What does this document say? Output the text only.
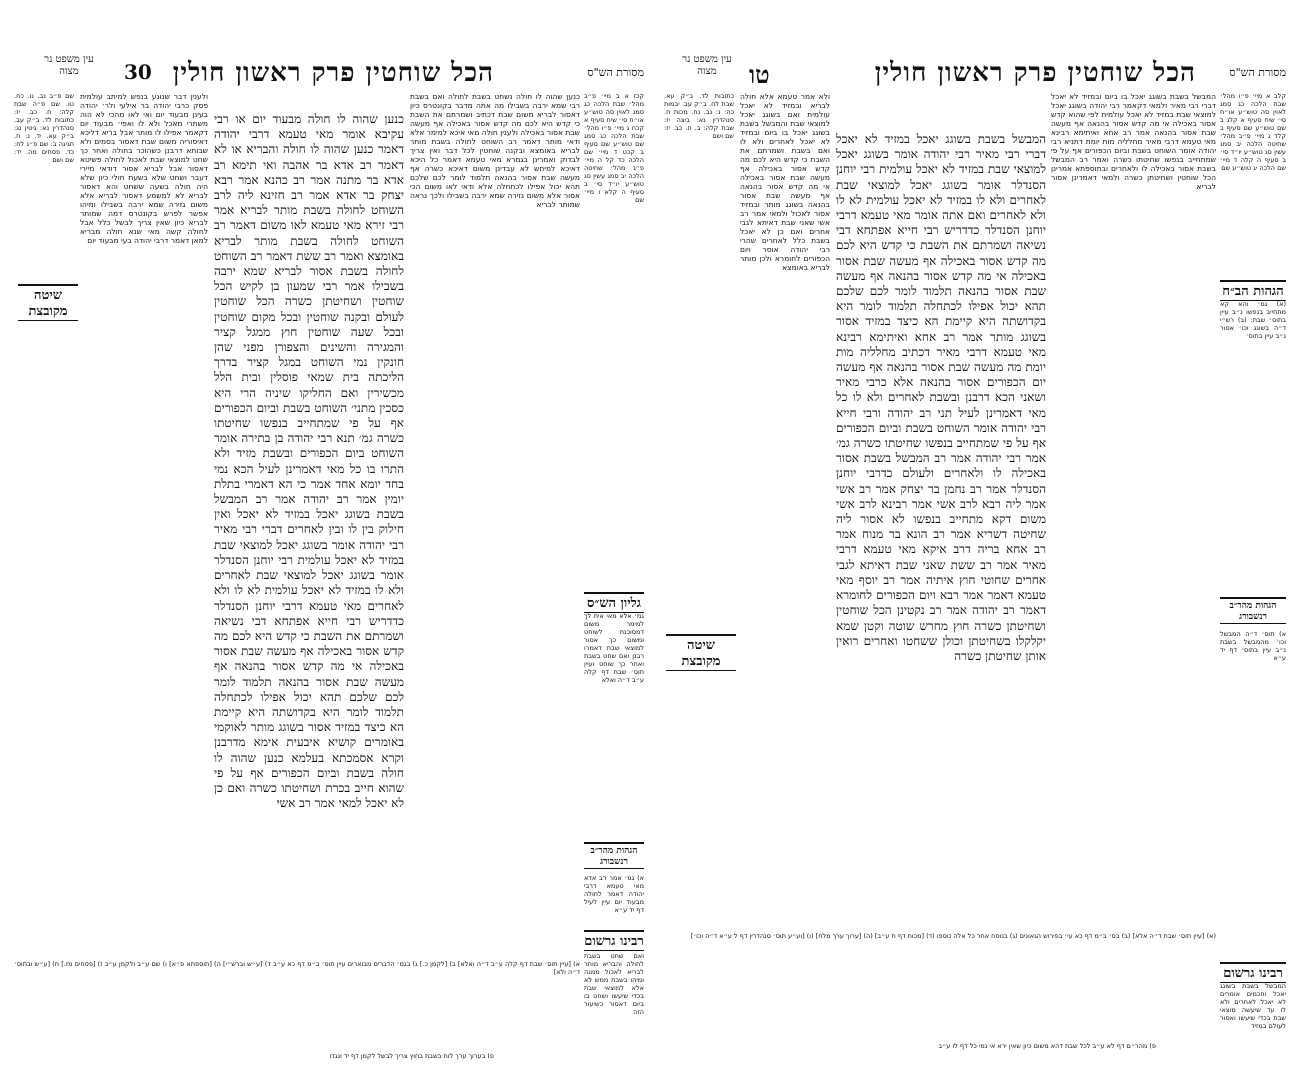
מסורת הש"ס
הכל שוחטין פרק ראשון חולין
30
עין משפט נר מצוה
קכז א ב מיי׳ פ״ב מהל׳ שבת הלכה כג סמג לאוין סה טוש״ע או״ח סי׳ שיח סעיף א קכח ג מיי׳ פ״ו מהל׳ שבת הלכה כג סמג שם טוש״ע שם סעיף ב קכט ד מיי׳ שם הלכה כד קל ה מיי׳ פ״ג מהל׳ שחיטה הלכה יב סמג עשין סג טוש״ע יו״ד סי׳ ב סעיף ה קלא ו מיי׳ שם
כנען שהוה לו חולה נשחט בשבת לחולה ואם בשבת רבי שמא ירבה בשבילו מה אתה מדבר בקונטרס כיון דאסור לבריא משום שבת דכתיב ושמרתם את השבת כי קדש היא לכם מה קדש אסור באכילה אף מעשה שבת אסור באכילה ולענין חולה מאי איכא למימר אלא ודאי מותר דאמר רב השוחט לחולה בשבת מותר לבריא באומצא ובקנה שוחטין לכל דבר ואין צריך לבדוק ואמרינן בגמרא מאי טעמא דאמר כל היכא דאיכא למיחש לא עבדינן משום דאיכא כשרה אף מעשה שבת אסור בהנאה תלמוד לומר לכם שלכם תהא יכול אפילו לכתחלה אלא ודאי לאו משום הכי אסור אלא משום גזירה שמא ירבה בשבילו ולכך נראה שמותר לבריא
כנען שהוה לו חולה מבעוד יום או רבי עקיבא אומר מאי טעמא דרבי יהודה דאמר כנען שהוה לו חולה והבריא או לא דאמר רב אדא בר אהבה ואי תימא רב אדא בר מתנה אמר רב כהנא אמר רבא יצחק בר אדא אמר רב חזינא ליה לרב השוחט לחולה בשבת מותר לבריא אמר רבי זירא מאי טעמא לאו משום דאמר רב השוחט לחולה בשבת מותר לבריא באומצא ואמר רב ששת דאמר רב השוחט לחולה בשבת אסור לבריא שמא ירבה בשבילו אמר רבי שמעון בן לקיש הכל שוחטין ושחיטתן כשרה הכל שוחטין לעולם ובקנה שוחטין ובכל מקום שוחטין ובכל שעה שוחטין חוץ ממגל קציר והמגירה והשינים והצפורן מפני שהן חונקין נמי השוחט במגל קציר בדרך הליכתה בית שמאי פוסלין ובית הלל מכשירין ואם החליקו שיניה הרי היא כסכין מתני׳ השוחט בשבת וביום הכפורים אף על פי שמתחייב בנפשו שחיטתו כשרה גמ׳ תנא רבי יהודה בן בתירה אומר השוחט ביום הכפורים ובשבת מזיד ולא התרו בו כל מאי דאמרינן לעיל הכא נמי בחד יומא אחד אמר כי הא דאמרי בתלת יומין אמר רב יהודה אמר רב המבשל בשבת בשוגג יאכל במזיד לא יאכל ואין חילוק בין לו ובין לאחרים דברי רבי מאיר רבי יהודה אומר בשוגג יאכל למוצאי שבת במזיד לא יאכל עולמית רבי יוחנן הסנדלר אומר בשוגג יאכל למוצאי שבת לאחרים ולא לו במזיד לא יאכל עולמית לא לו ולא לאחרים מאי טעמא דרבי יוחנן הסנדלר כדדריש רבי חייא אפתחא דבי נשיאה ושמרתם את השבת כי קדש היא לכם מה קדש אסור באכילה אף מעשה שבת אסור באכילה אי מה קדש אסור בהנאה אף מעשה שבת אסור בהנאה תלמוד לומר לכם שלכם תהא יכול אפילו לכתחלה תלמוד לומר היא בקדושתה היא קיימת הא כיצד במזיד אסור בשוגג מותר לאוקמי באומרים קושיא איבעית אימא מדרבנן וקרא אסמכתא בעלמא כנען שהוה לו חולה בשבת וביום הכפורים אף על פי שהוא חייב בכרת ושחיטתו כשרה ואם כן לא יאכל למאי אמר רב אשי
ולענין דבר שנוגע בנפש למיתב עולמית פסק כרבי יהודה בר אילעי ולר׳ יהודה בעינן מבעוד יום ואי לאו מהכי לא הוה משתרי מאכל ולא לו ואפי׳ מבעוד יום דקאמר אפילו לו מותר אבל בריא דליכא דאיסוריה משום שבת דאסור בסמים ולא שבותא דרבנן כשהוכר בחולה ואחר כך שחט למוצאי שבת לאכול לחולה פשיטא דאסור אבל לבריא אסור דודאי מיירי דעבר ושחט שלא בשעת חולי כיון שלא היה חולה בשעה ששחט והא דאסור לבריא לא למשמע דאסור לבריא אלא משום גזירה שמא ירבה בשבילו ומיהו אפשר לפרש בקונטרס דמה שמותר לבריא כיון שאין צריך לבשל כלל אבל לחולה קשה מאי שנא חולה מבריא למאן דאמר דרבי יהודה בעי מבעוד יום
שם פ״ב נב. נו. כח. טו. שם פ״ה שבת קלה: ח. כב. יז: כתובות לד. ב״ק עב. סנהדרין נא: גיטין נג: ב״ק עא. יד. נ: ח. חגיגה ב: שם פ״ג לח: כד. פסחים מה. יד: שם ושם
שיטה מקובצת
גליון הש״ס
גמ׳ אלא מאי אית לך למימר משום דמסוכנת לשוחט ומשום כך אסור למוצאי שבת דאמרו רבנן ואם שחט בשבת ואחר כך שוחט ועיין תוס׳ שבת דף קלה ע״ב ד״ה ואלא
הגהות מהר״ב רנשבורג
א) גמ׳ אמר רב אדא מאי טעמא דרבי יהודה דאמר לחולה מבעוד יום עיין לעיל דף יד ע״א
רבינו גרשום
ואם שחט בשבת לחולה והבריא מותר לבריא לאכול ממנה ומיהו בשבת ממש לא אלא למוצאי שבת בכדי שיעשו ושחט בו ביום דאסור כשיעור הזה
א) [עיין תוס׳ שבת דף קלה ע״ב ד״ה ואלא] ב) [לקמן כ.] ג) בגמ׳ הדברים מבוארים עיין תוס׳ ב״מ דף כא ע״ב ד) [ע״ש וברש״י] ה) [תוספתא פ״א] ו) שם ע״ב ולקמן ע״ב ז) [פסחים מז.] ח) [ע״ש ובתוס׳ ד״ה ולא]
פ) בערוך ערך לוח בשבת בחוץ צריך לבשל לקמן דף יד ונגדו
מסורת הש"ס
הכל שוחטין פרק ראשון חולין
טו
עין משפט נר מצוה
קלב א מיי׳ פ״ו מהל׳ שבת הלכה כג סמג לאוין סה טוש״ע או״ח סי׳ שיח סעיף א קלג ב שם טוש״ע שם סעיף ב קלד ג מיי׳ פ״ב מהל׳ שחיטה הלכה יב סמג עשין סג טוש״ע יו״ד סי׳ ב סעיף ה קלה ד מיי׳ שם הלכה יג טוש״ע שם
הגהות הב״ח
(א) גמ׳ והא קא מתחייב בנפשו נ״ב עיין בתוס׳ שבת: (ב) רש״י ד״ה בשוגג וכו׳ אסור נ״ב עיין בתוס׳
הגהות מהר״ב רנשבורג
א) תוס׳ ד״ה המבשל וכו׳ מהמבשל בשבת נ״ב עיין בתוס׳ דף יד ע״א
רבינו גרשום
המבשל בשבת בשוגג יאכל וחכמים אומרים לא יאכל לאחרים ולא לו עד שיעשה מוצאי שבת בכדי שיעשו ואסור לעולם במזיד
המבשל בשבת בשוגג יאכל בו ביום ובמזיד לא יאכל דברי רבי מאיר ולמאי דקאמר רבי יהודה בשוגג יאכל למוצאי שבת במזיד לא יאכל עולמית לפי שהוא קדש אסור באכילה אי מה קדש אסור בהנאה אף מעשה שבת אסור בהנאה אמר רב אחא ואיתימא רבינא מאי טעמא דרבי מאיר מחלליה מות יומת דתניא רבי יהודה אומר השוחט בשבת וביום הכפורים אף על פי שמתחייב בנפשו שחיטתו כשרה ואמר רב המבשל בשבת אסור באכילה לו ולאחרים ובתוספתא אמרינן הכל שוחטין ושחיטתן כשרה ולמאי דאמרינן אסור לבריא
המבשל בשבת בשוגג יאכל במזיד לא יאכל דברי רבי מאיר רבי יהודה אומר בשוגג יאכל למוצאי שבת במזיד לא יאכל עולמית רבי יוחנן הסנדלר אומר בשוגג יאכל למוצאי שבת לאחרים ולא לו במזיד לא יאכל עולמית לא לו ולא לאחרים ואם אתה אומר מאי טעמא דרבי יוחנן הסנדלר כדדריש רבי חייא אפתחא דבי נשיאה ושמרתם את השבת כי קדש היא לכם מה קדש אסור באכילה אף מעשה שבת אסור באכילה אי מה קדש אסור בהנאה אף מעשה שבת אסור בהנאה תלמוד לומר לכם שלכם תהא יכול אפילו לכתחלה תלמוד לומר היא בקדושתה היא קיימת הא כיצד במזיד אסור בשוגג מותר אמר רב אחא ואיתימא רבינא מאי טעמא דרבי מאיר דכתיב מחלליה מות יומת מה מעשה שבת אסור בהנאה אף מעשה יום הכפורים אסור בהנאה אלא כרבי מאיר ושאני הכא דרבנן ובשבת לאחרים ולא לו כל מאי דאמרינן לעיל תני רב יהודה ורבי חייא רבי יהודה אומר השוחט בשבת וביום הכפורים אף על פי שמתחייב בנפשו שחיטתו כשרה גמ׳ אמר רבי יהודה אמר רב המבשל בשבת אסור באכילה לו ולאחרים ולעולם כדרבי יוחנן הסנדלר אמר רב נחמן בר יצחק אמר רב אשי אמר ליה רבא לרב אשי אמר רבינא לרב אשי משום דקא מתחייב בנפשו לא אסור ליה שחיטה דשריא אמר רב הונא בר מנוח אמר רב אחא בריה דרב איקא מאי טעמא דרבי מאיר אמר רב ששת שאני שבת דאיתא לגבי אחרים שחוטי חוץ איתיה אמר רב יוסף מאי טעמא דאמר אמר רבא ויום הכפורים לחומרא דאמר רב יהודה אמר רב נקטינן הכל שוחטין ושחיטתן כשרה חוץ מחרש שוטה וקטן שמא יקלקלו בשחיטתן וכולן ששחטו ואחרים רואין אותן שחיטתן כשרה
ולא אמר טעמא אלא חולה לבריא ובמזיד לא יאכל עולמית ואם בשוגג יאכל למוצאי שבת והמבשל בשבת בשוגג יאכל בו ביום ובמזיד לא יאכל לאחרים ולא לו ואם בשבת ושמרתם את השבת כי קדש היא לכם מה קדש אסור באכילה אף מעשה שבת אסור באכילה אי מה קדש אסור בהנאה אף מעשה שבת אסור בהנאה בשוגג מותר ובמזיד אסור לאכול ולמאי אמר רב אשי שאני שבת דאיתא לגבי אחרים ואם כן לא יאכל בשבת כלל לאחרים שהרי רבי יהודה אוסר ויום הכפורים לחומרא ולכן מותר לבריא באומצא
כתובות לד. ב״ק עא. שבת לח. ב״ק עב. יבמות כה: נ: נב. נח. מכות ח. סנהדרין נא: ביצה יז: שבת קלה: ב. ח. כב. יז: שם ושם
שיטה מקובצת
(א) [עיין תוס׳ שבת ד״ה אלא] (ב) בס׳ ב״מ דף כא עי׳ בפירוש הגאונים (ג) בנוסח אחר כל אלה נוספו (ד) [מכות דף ח ע״ב] (ה) [ערוך ערך מלח] (ו) [וע״ע תוס׳ סנהדרין דף ל ע״א ד״ה וכו׳]
פ) מהר״ם דף לא ע״ב לכל שבת דהא משום כיון שאין ירא אי נמי כל דף לו ע״ב
